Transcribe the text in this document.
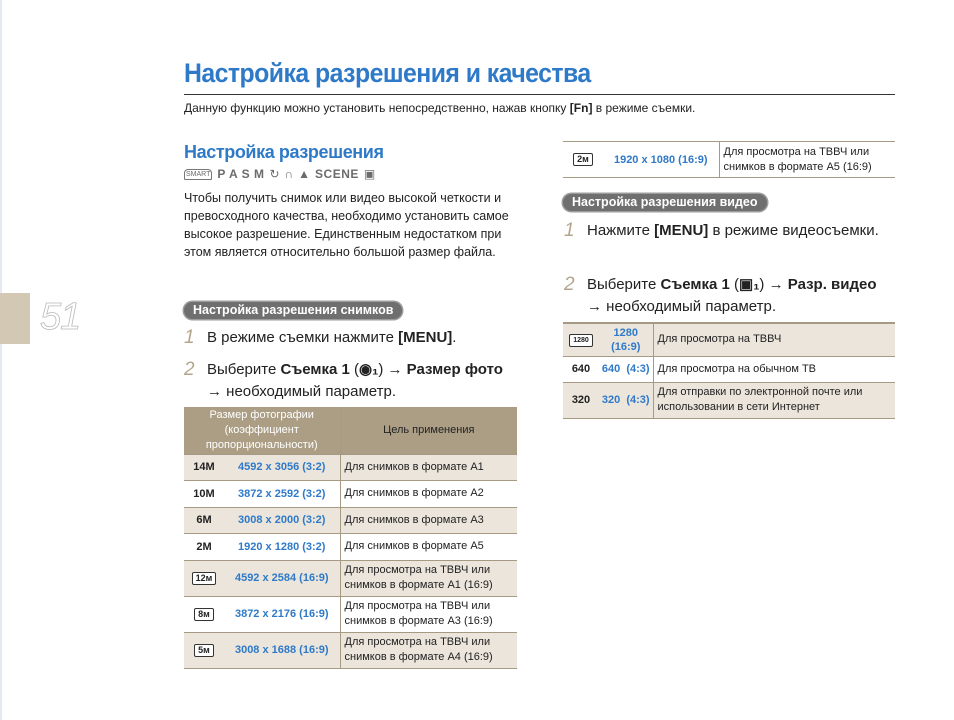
51
Настройка разрешения и качества
Данную функцию можно установить непосредственно, нажав кнопку [Fn] в режиме съемки.
Настройка разрешения
SMART P A S M ↻ ∩ ▲ SCENE ▣
Чтобы получить снимок или видео высокой четкости и превосходного качества, необходимо установить самое высокое разрешение. Единственным недостатком при этом является относительно большой размер файла.
Настройка разрешения снимков
1 В режиме съемки нажмите [MENU].
2 Выберите Съемка 1 (◉₁) → Размер фото → необходимый параметр.
Размер фотографии (коэффициент пропорциональности)		Цель применения
14M	4592 x 3056 (3:2)	Для снимков в формате A1
10M	3872 x 2592 (3:2)	Для снимков в формате A2
6M	3008 x 2000 (3:2)	Для снимков в формате A3
2M	1920 x 1280 (3:2)	Для снимков в формате A5
12м	4592 x 2584 (16:9)	Для просмотра на ТВВЧ или снимков в формате A1 (16:9)
8м	3872 x 2176 (16:9)	Для просмотра на ТВВЧ или снимков в формате A3 (16:9)
5м	3008 x 1688 (16:9)	Для просмотра на ТВВЧ или снимков в формате A4 (16:9)
2м	1920 x 1080 (16:9)	Для просмотра на ТВВЧ или снимков в формате A5 (16:9)
Настройка разрешения видео
1 Нажмите [MENU] в режиме видеосъемки.
2 Выберите Съемка 1 (▣₁) → Разр. видео → необходимый параметр.
1280	1280 (16:9)	Для просмотра на ТВВЧ
640	640  (4:3)	Для просмотра на обычном ТВ
320	320  (4:3)	Для отправки по электронной почте или использовании в сети Интернет
